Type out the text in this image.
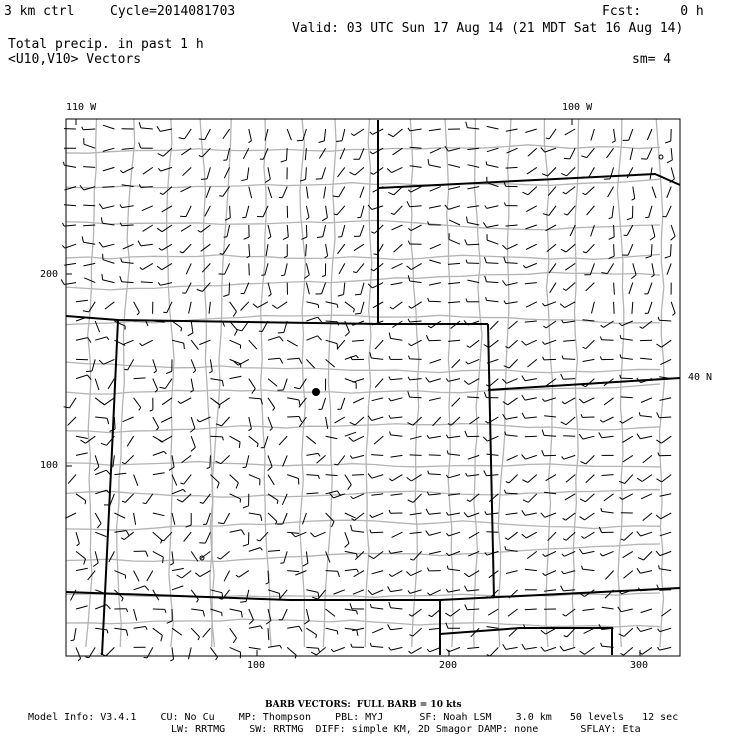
3 km ctrl	Cycle=2014081703	Fcst:     0 h
Valid: 03 UTC Sun 17 Aug 14 (21 MDT Sat 16 Aug 14)
Total precip. in past 1 h
<U10,V10> Vectors	sm= 4
110 W	100 W
200
100
100	200	300
40 N
BARB VECTORS:  FULL BARB = 10 kts
Model Info: V3.4.1    CU: No Cu    MP: Thompson    PBL: MYJ      SF: Noah LSM    3.0 km   50 levels   12 sec
LW: RRTMG    SW: RRTMG  DIFF: simple KM, 2D Smagor DAMP: none       SFLAY: Eta
